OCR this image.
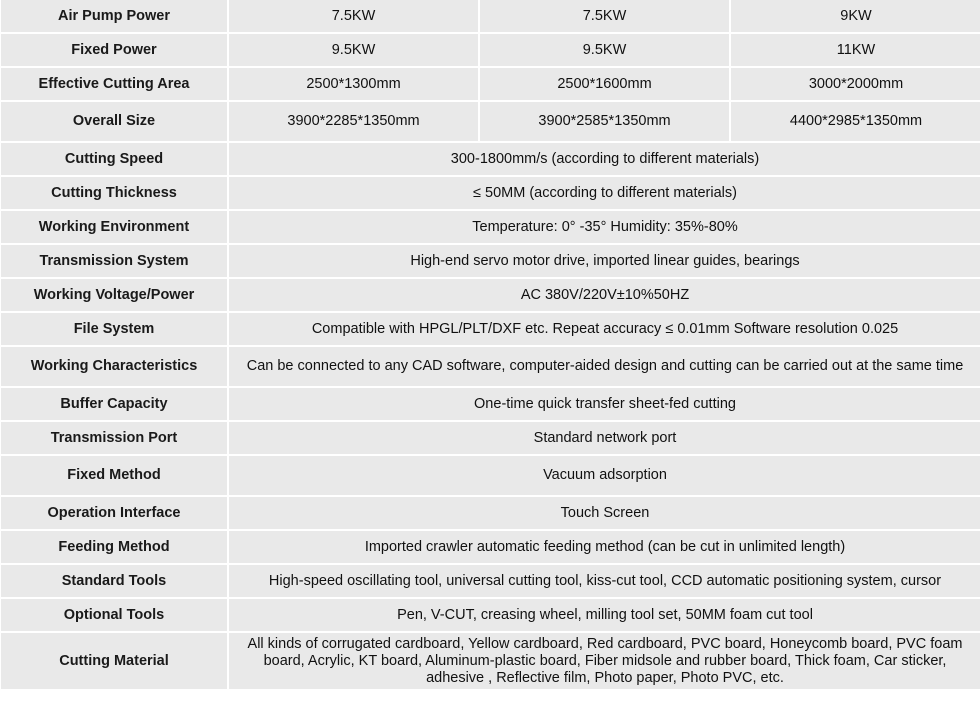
Air Pump Power	7.5KW	7.5KW	9KW
Fixed Power	9.5KW	9.5KW	11KW
Effective Cutting Area	2500*1300mm	2500*1600mm	3000*2000mm
Overall Size	3900*2285*1350mm	3900*2585*1350mm	4400*2985*1350mm
Cutting Speed	300-1800mm/s (according to different materials)		
Cutting Thickness	≤ 50MM (according to different materials)		
Working Environment	Temperature: 0° -35° Humidity: 35%-80%		
Transmission System	High-end servo motor drive, imported linear guides, bearings		
Working Voltage/Power	AC 380V/220V±10%50HZ		
File System	Compatible with HPGL/PLT/DXF etc. Repeat accuracy ≤ 0.01mm Software resolution 0.025		
Working Characteristics	Can be connected to any CAD software, computer-aided design and cutting can be carried out at the same time		
Buffer Capacity	One-time quick transfer sheet-fed cutting		
Transmission Port	Standard network port		
Fixed Method	Vacuum adsorption		
Operation Interface	Touch Screen		
Feeding Method	Imported crawler automatic feeding method (can be cut in unlimited length)		
Standard Tools	High-speed oscillating tool, universal cutting tool, kiss-cut tool, CCD automatic positioning system, cursor		
Optional Tools	Pen, V-CUT, creasing wheel, milling tool set, 50MM foam cut tool		
Cutting Material	All kinds of corrugated cardboard, Yellow cardboard, Red cardboard, PVC board, Honeycomb board, PVC foam board, Acrylic, KT board, Aluminum-plastic board, Fiber midsole and rubber board, Thick foam, Car sticker, adhesive , Reflective film, Photo paper, Photo PVC, etc.		
